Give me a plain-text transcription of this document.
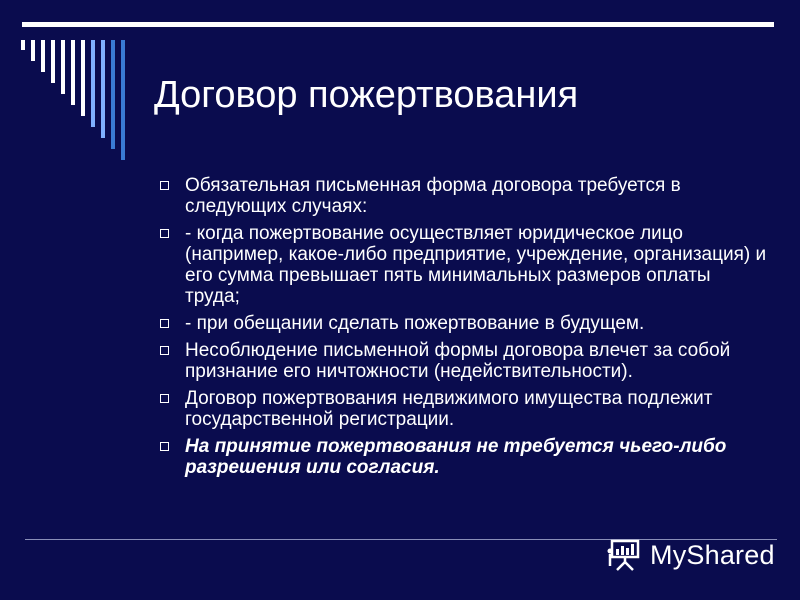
Договор пожертвования
Обязательная письменная форма договора требуется в следующих случаях:
- когда пожертвование осуществляет юридическое лицо (например, какое-либо предприятие, учреждение, организация) и его сумма превышает пять минимальных размеров оплаты труда;
- при обещании сделать пожертвование в будущем.
Несоблюдение письменной формы договора влечет за собой признание его ничтожности (недействительности).
Договор пожертвования недвижимого имущества подлежит государственной регистрации.
На принятие пожертвования не требуется чьего-либо разрешения или согласия.
MyShared
